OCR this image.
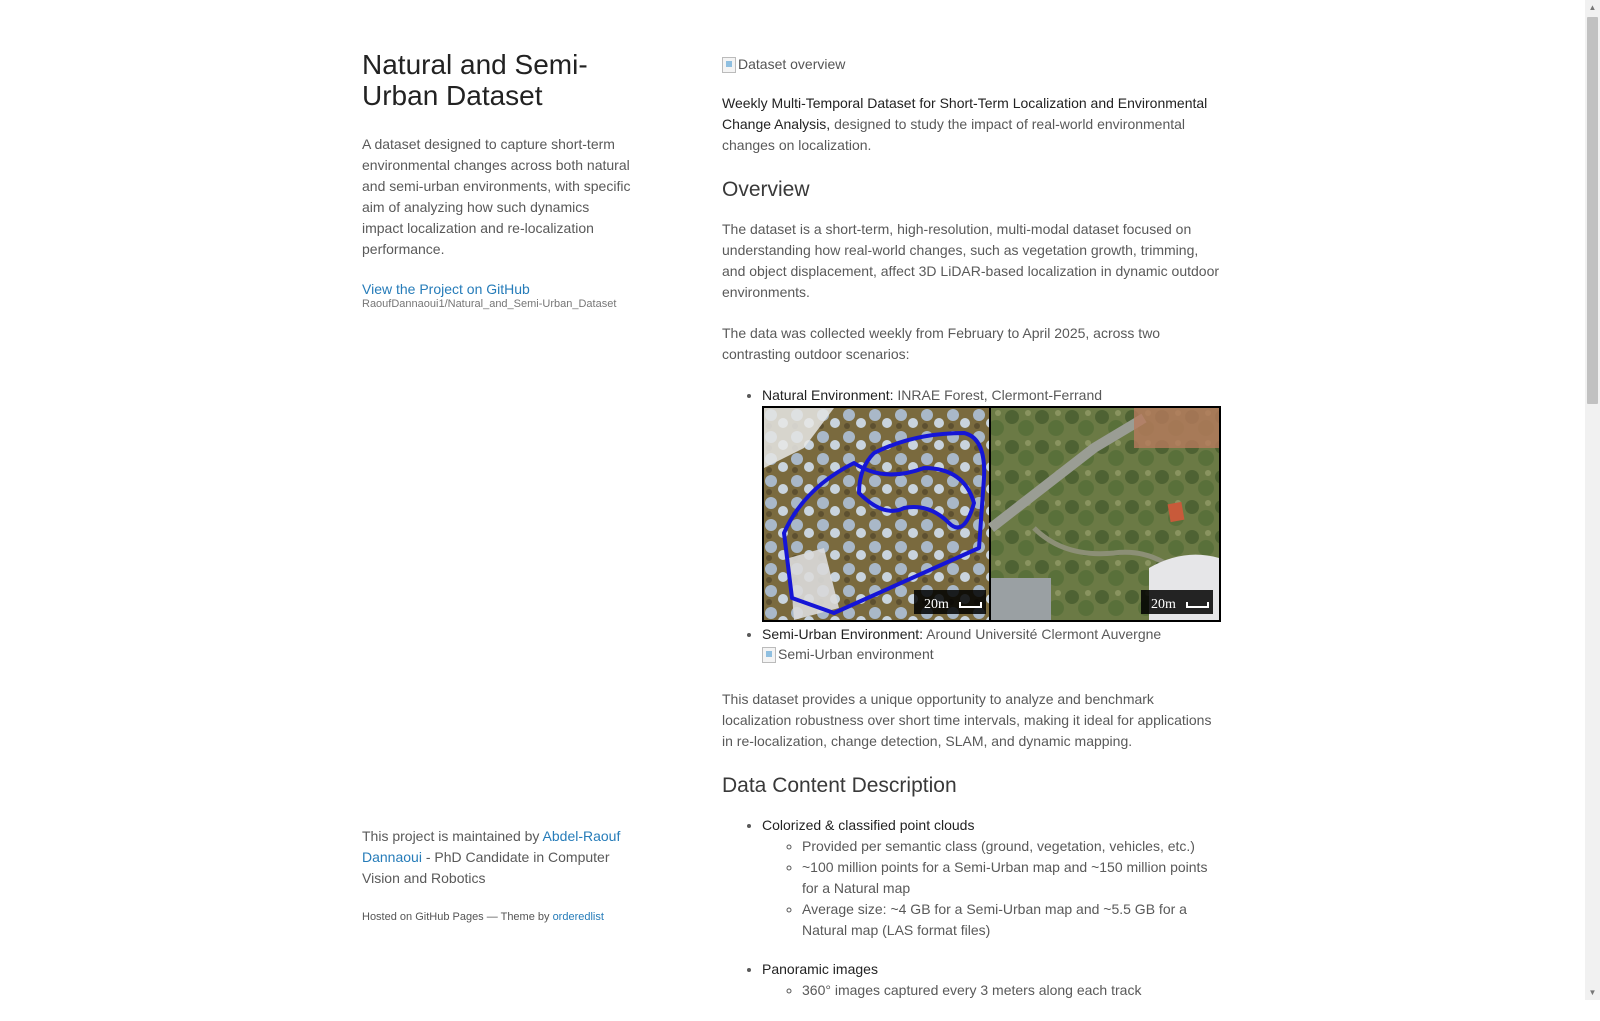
Natural and Semi-Urban Dataset

A dataset designed to capture short-term environmental changes across both natural and semi-urban environments, with specific aim of analyzing how such dynamics impact localization and re-localization performance.

View the Project on GitHub
RaoufDannaoui1/Natural_and_Semi-Urban_Dataset

This project is maintained by Abdel-Raouf Dannaoui - PhD Candidate in Computer Vision and Robotics

Hosted on GitHub Pages — Theme by orderedlist

Dataset overview

Weekly Multi-Temporal Dataset for Short-Term Localization and Environmental Change Analysis, designed to study the impact of real-world environmental changes on localization.

Overview

The dataset is a short-term, high-resolution, multi-modal dataset focused on understanding how real-world changes, such as vegetation growth, trimming, and object displacement, affect 3D LiDAR-based localization in dynamic outdoor environments.

The data was collected weekly from February to April 2025, across two contrasting outdoor scenarios:

• Natural Environment: INRAE Forest, Clermont-Ferrand
20m	20m
• Semi-Urban Environment: Around Université Clermont Auvergne

Semi-Urban environment

This dataset provides a unique opportunity to analyze and benchmark localization robustness over short time intervals, making it ideal for applications in re-localization, change detection, SLAM, and dynamic mapping.

Data Content Description
• Colorized & classified point clouds
◦ Provided per semantic class (ground, vegetation, vehicles, etc.)
◦ ~100 million points for a Semi-Urban map and ~150 million points for a Natural map
◦ Average size: ~4 GB for a Semi-Urban map and ~5.5 GB for a Natural map (LAS format files)
• Panoramic images
◦ 360° images captured every 3 meters along each track
▲
▼
